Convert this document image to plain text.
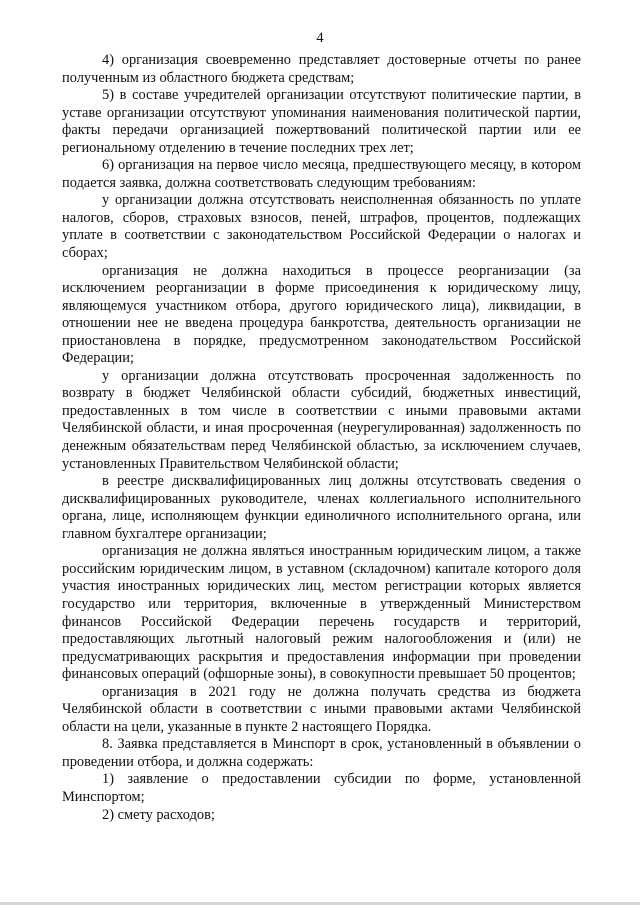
4

4) организация своевременно представляет достоверные отчеты по ранее полученным из областного бюджета средствам;

5) в составе учредителей организации отсутствуют политические партии, в уставе организации отсутствуют упоминания наименования политической партии, факты передачи организацией пожертвований политической партии или ее региональному отделению в течение последних трех лет;

6) организация на первое число месяца, предшествующего месяцу, в котором подается заявка, должна соответствовать следующим требованиям:

у организации должна отсутствовать неисполненная обязанность по уплате налогов, сборов, страховых взносов, пеней, штрафов, процентов, подлежащих уплате в соответствии с законодательством Российской Федерации о налогах и сборах;

организация не должна находиться в процессе реорганизации (за исключением реорганизации в форме присоединения к юридическому лицу, являющемуся участником отбора, другого юридического лица), ликвидации, в отношении нее не введена процедура банкротства, деятельность организации не приостановлена в порядке, предусмотренном законодательством Российской Федерации;

у организации должна отсутствовать просроченная задолженность по возврату в бюджет Челябинской области субсидий, бюджетных инвестиций, предоставленных в том числе в соответствии с иными правовыми актами Челябинской области, и иная просроченная (неурегулированная) задолженность по денежным обязательствам перед Челябинской областью, за исключением случаев, установленных Правительством Челябинской области;

в реестре дисквалифицированных лиц должны отсутствовать сведения о дисквалифицированных руководителе, членах коллегиального исполнительного органа, лице, исполняющем функции единоличного исполнительного органа, или главном бухгалтере организации;

организация не должна являться иностранным юридическим лицом, а также российским юридическим лицом, в уставном (складочном) капитале которого доля участия иностранных юридических лиц, местом регистрации которых является государство или территория, включенные в утвержденный Министерством финансов Российской Федерации перечень государств и территорий, предоставляющих льготный налоговый режим налогообложения и (или) не предусматривающих раскрытия и предоставления информации при проведении финансовых операций (офшорные зоны), в совокупности превышает 50 процентов;

организация в 2021 году не должна получать средства из бюджета Челябинской области в соответствии с иными правовыми актами Челябинской области на цели, указанные в пункте 2 настоящего Порядка.

8. Заявка представляется в Минспорт в срок, установленный в объявлении о проведении отбора, и должна содержать:

1) заявление о предоставлении субсидии по форме, установленной Минспортом;

2) смету расходов;
